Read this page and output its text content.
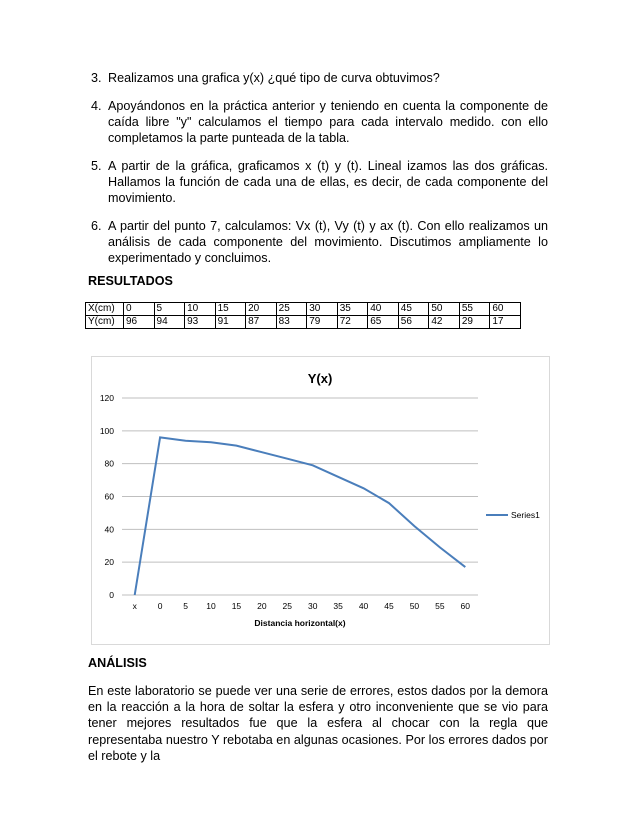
3. Realizamos una grafica y(x) ¿qué tipo de curva obtuvimos?
4. Apoyándonos en la práctica anterior y teniendo en cuenta la componente de caída libre "y" calculamos el tiempo para cada intervalo medido. con ello completamos la parte punteada de la tabla.
5. A partir de la gráfica, graficamos x (t) y (t). Lineal izamos las dos gráficas. Hallamos la función de cada una de ellas, es decir, de cada componente del movimiento.
6. A partir del punto 7, calculamos: Vx (t), Vy (t) y ax (t). Con ello realizamos un análisis de cada componente del movimiento. Discutimos ampliamente lo experimentado y concluimos.
RESULTADOS
X(cm)	0	5	10	15	20	25	30	35	40	45	50	55	60
Y(cm)	96	94	93	91	87	83	79	72	65	56	42	29	17
Y(x)
0
20
40
60
80
100
120
x 0 5 10 15 20 25 30 35 40 45 50 55 60
Distancia horizontal(x)
Series1
ANÁLISIS

En este laboratorio se puede ver una serie de errores, estos dados por la demora en la reacción a la hora de soltar la esfera y otro inconveniente que se vio para tener mejores resultados fue que la esfera al chocar con la regla que representaba nuestro Y rebotaba en algunas ocasiones. Por los errores dados por el rebote y la
